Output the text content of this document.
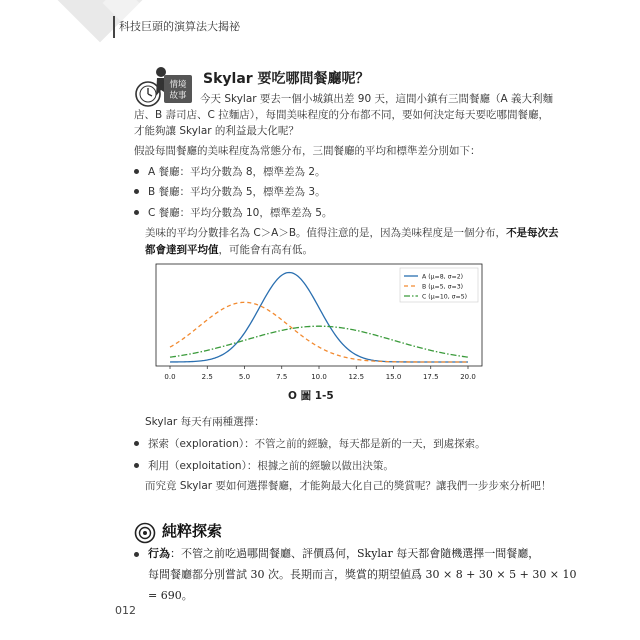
科技巨頭的演算法大揭祕
情境
故事
Skylar 要吃哪間餐廳呢？

今天 Skylar 要去一個小城鎮出差 90 天，這間小鎮有三間餐廳（A 義大利麵

店、B 壽司店、C 拉麵店），每間美味程度的分布都不同，要如何決定每天要吃哪間餐廳，

才能夠讓 Skylar 的利益最大化呢？

假設每間餐廳的美味程度為常態分布，三間餐廳的平均和標準差分別如下：

A 餐廳：平均分數為 8，標準差為 2。
B 餐廳：平均分數為 5，標準差為 3。
C 餐廳：平均分數為 10，標準差為 5。

美味的平均分數排名為 C＞A＞B。值得注意的是，因為美味程度是一個分布，不是每次去

都會達到平均值，可能會有高有低。

0.0	2.5	5.0	7.5	10.0	12.5	15.0	17.5	20.0
A (μ=8, σ=2)
B (μ=5, σ=3)
C (μ=10, σ=5)
Ο 圖 1-5

Skylar 每天有兩種選擇：

探索（exploration）：不管之前的經驗，每天都是新的一天，到處探索。
利用（exploitation）：根據之前的經驗以做出決策。

而究竟 Skylar 要如何選擇餐廳，才能夠最大化自己的獎賞呢？讓我們一步步來分析吧！

純粹探索

行為：不管之前吃過哪間餐廳、評價爲何，Skylar 每天都會隨機選擇一間餐廳，

每間餐廳都分別嘗試 30 次。長期而言，獎賞的期望値爲 30 × 8 + 30 × 5 + 30 × 10

= 690。

012
